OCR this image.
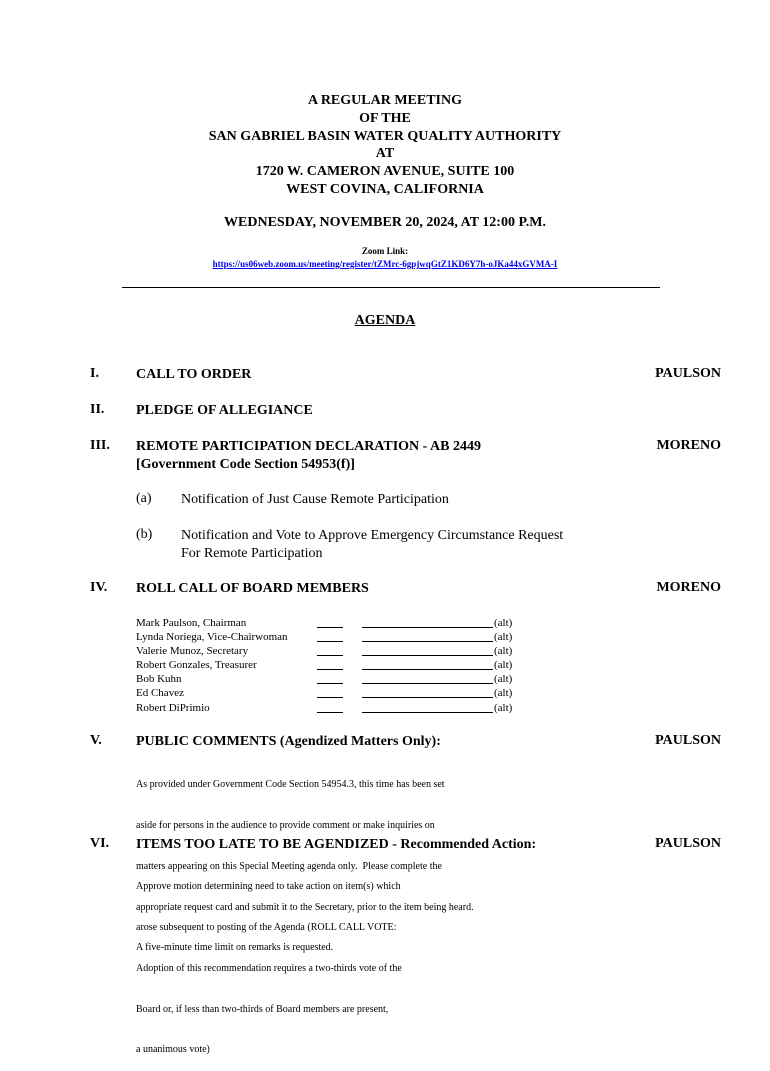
A REGULAR MEETING
OF THE
SAN GABRIEL BASIN WATER QUALITY AUTHORITY
AT
1720 W. CAMERON AVENUE, SUITE 100
WEST COVINA, CALIFORNIA
WEDNESDAY, NOVEMBER 20, 2024, AT 12:00 P.M.
Zoom Link:
https://us06web.zoom.us/meeting/register/tZMrc-6gpjwqGtZ1KD6Y7h-oJKa44xGVMA-I
AGENDA
I.	CALL TO ORDER	PAULSON
II. PLEDGE OF ALLEGIANCE
III. REMOTE PARTICIPATION DECLARATION - AB 2449
[Government Code Section 54953(f)]
MORENO
(a) Notification of Just Cause Remote Participation
(b) Notification and Vote to Approve Emergency Circumstance Request
For Remote Participation
IV. ROLL CALL OF BOARD MEMBERS	MORENO
Mark Paulson, Chairman	(alt)
Lynda Noriega, Vice-Chairwoman	(alt)
Valerie Munoz, Secretary	(alt)
Robert Gonzales, Treasurer	(alt)
Bob Kuhn	(alt)
Ed Chavez	(alt)
Robert DiPrimio	(alt)
V. PUBLIC COMMENTS (Agendized Matters Only):	PAULSON

As provided under Government Code Section 54954.3, this time has been set

aside for persons in the audience to provide comment or make inquiries on

matters appearing on this Special Meeting agenda only.  Please complete the

appropriate request card and submit it to the Secretary, prior to the item being heard.

A five-minute time limit on remarks is requested.

VI. ITEMS TOO LATE TO BE AGENDIZED - Recommended Action:	PAULSON

Approve motion determining need to take action on item(s) which

arose subsequent to posting of the Agenda (ROLL CALL VOTE:

Adoption of this recommendation requires a two-thirds vote of the

Board or, if less than two-thirds of Board members are present,

a unanimous vote)
